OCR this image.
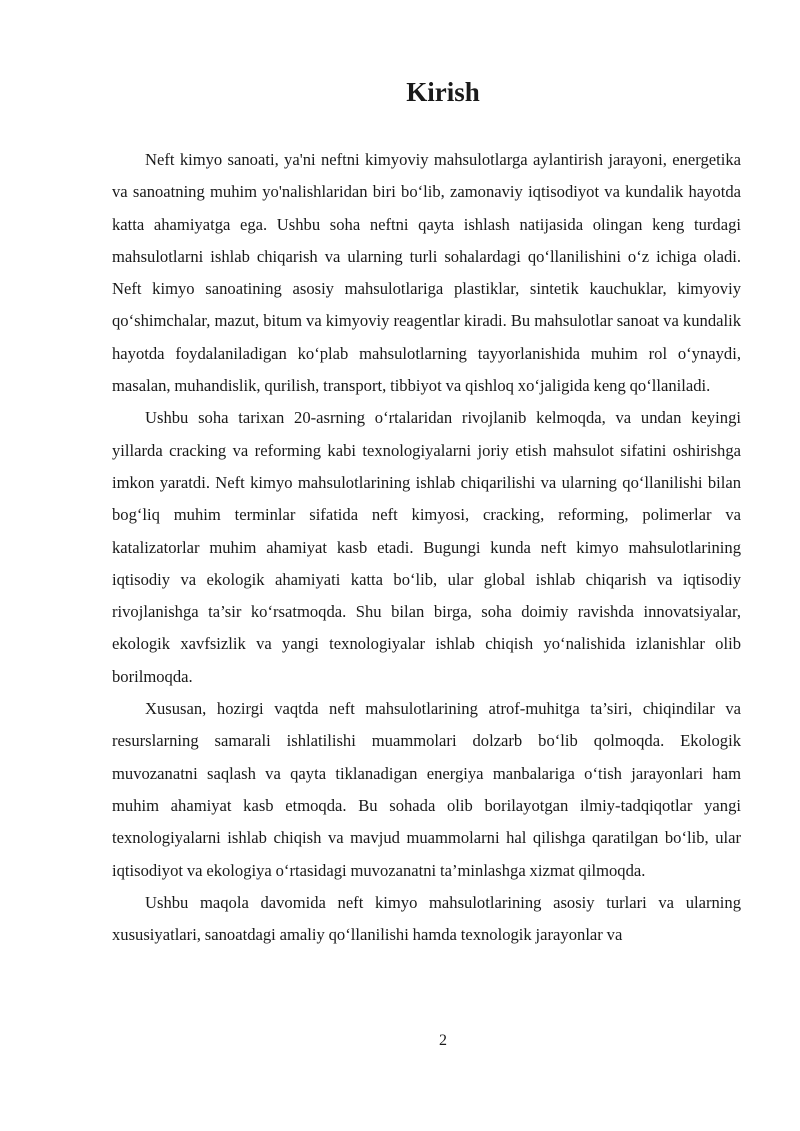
Kirish

Neft kimyo sanoati, ya'ni neftni kimyoviy mahsulotlarga aylantirish jarayoni, energetika va sanoatning muhim yo'nalishlaridan biri bo‘lib, zamonaviy iqtisodiyot va kundalik hayotda katta ahamiyatga ega. Ushbu soha neftni qayta ishlash natijasida olingan keng turdagi mahsulotlarni ishlab chiqarish va ularning turli sohalardagi qo‘llanilishini o‘z ichiga oladi. Neft kimyo sanoatining asosiy mahsulotlariga plastiklar, sintetik kauchuklar, kimyoviy qo‘shimchalar, mazut, bitum va kimyoviy reagentlar kiradi. Bu mahsulotlar sanoat va kundalik hayotda foydalaniladigan ko‘plab mahsulotlarning tayyorlanishida muhim rol o‘ynaydi, masalan, muhandislik, qurilish, transport, tibbiyot va qishloq xo‘jaligida keng qo‘llaniladi.

Ushbu soha tarixan 20-asrning o‘rtalaridan rivojlanib kelmoqda, va undan keyingi yillarda cracking va reforming kabi texnologiyalarni joriy etish mahsulot sifatini oshirishga imkon yaratdi. Neft kimyo mahsulotlarining ishlab chiqarilishi va ularning qo‘llanilishi bilan bog‘liq muhim terminlar sifatida neft kimyosi, cracking, reforming, polimerlar va katalizatorlar muhim ahamiyat kasb etadi. Bugungi kunda neft kimyo mahsulotlarining iqtisodiy va ekologik ahamiyati katta bo‘lib, ular global ishlab chiqarish va iqtisodiy rivojlanishga ta’sir ko‘rsatmoqda. Shu bilan birga, soha doimiy ravishda innovatsiyalar, ekologik xavfsizlik va yangi texnologiyalar ishlab chiqish yo‘nalishida izlanishlar olib borilmoqda.

Xususan, hozirgi vaqtda neft mahsulotlarining atrof-muhitga ta’siri, chiqindilar va resurslarning samarali ishlatilishi muammolari dolzarb bo‘lib qolmoqda. Ekologik muvozanatni saqlash va qayta tiklanadigan energiya manbalariga o‘tish jarayonlari ham muhim ahamiyat kasb etmoqda. Bu sohada olib borilayotgan ilmiy-tadqiqotlar yangi texnologiyalarni ishlab chiqish va mavjud muammolarni hal qilishga qaratilgan bo‘lib, ular iqtisodiyot va ekologiya o‘rtasidagi muvozanatni ta’minlashga xizmat qilmoqda.

Ushbu maqola davomida neft kimyo mahsulotlarining asosiy turlari va ularning xususiyatlari, sanoatdagi amaliy qo‘llanilishi hamda texnologik jarayonlar va

2
